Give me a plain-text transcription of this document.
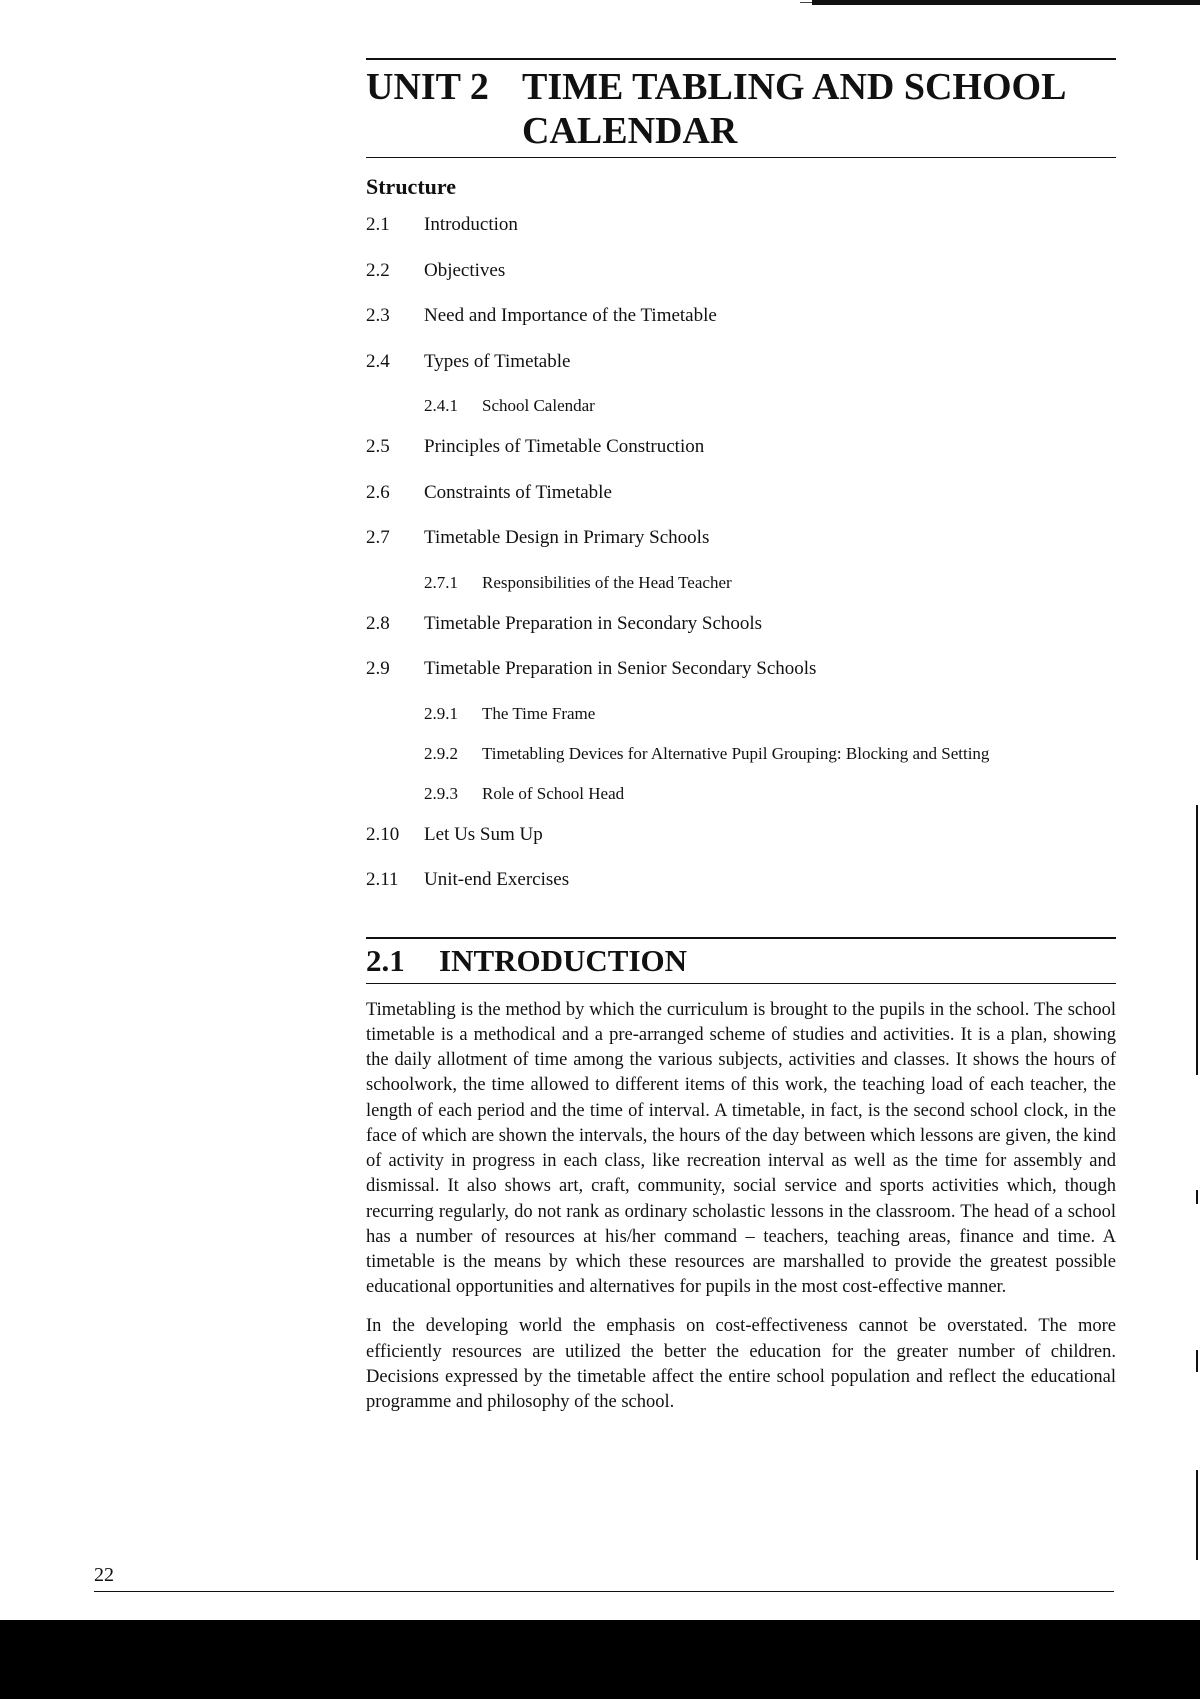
UNIT 2 TIME TABLING AND SCHOOL CALENDAR
Structure
2.1	Introduction
2.2	Objectives
2.3	Need and Importance of the Timetable
2.4	Types of Timetable
2.4.1	School Calendar
2.5	Principles of Timetable Construction
2.6	Constraints of Timetable
2.7	Timetable Design in Primary Schools
2.7.1	Responsibilities of the Head Teacher
2.8	Timetable Preparation in Secondary Schools
2.9	Timetable Preparation in Senior Secondary Schools
2.9.1	The Time Frame
2.9.2	Timetabling Devices for Alternative Pupil Grouping: Blocking and Setting
2.9.3	Role of School Head
2.10	Let Us Sum Up
2.11	Unit-end Exercises
2.1	INTRODUCTION

Timetabling is the method by which the curriculum is brought to the pupils in the school. The school timetable is a methodical and a pre-arranged scheme of studies and activities. It is a plan, showing the daily allotment of time among the various subjects, activities and classes. It shows the hours of schoolwork, the time allowed to different items of this work, the teaching load of each teacher, the length of each period and the time of interval. A timetable, in fact, is the second school clock, in the face of which are shown the intervals, the hours of the day between which lessons are given, the kind of activity in progress in each class, like recreation interval as well as the time for assembly and dismissal. It also shows art, craft, community, social service and sports activities which, though recurring regularly, do not rank as ordinary scholastic lessons in the classroom. The head of a school has a number of resources at his/her command – teachers, teaching areas, finance and time. A timetable is the means by which these resources are marshalled to provide the greatest possible educational opportunities and alternatives for pupils in the most cost-effective manner.

In the developing world the emphasis on cost-effectiveness cannot be overstated. The more efficiently resources are utilized the better the education for the greater number of children. Decisions expressed by the timetable affect the entire school population and reflect the educational programme and philosophy of the school.

22
